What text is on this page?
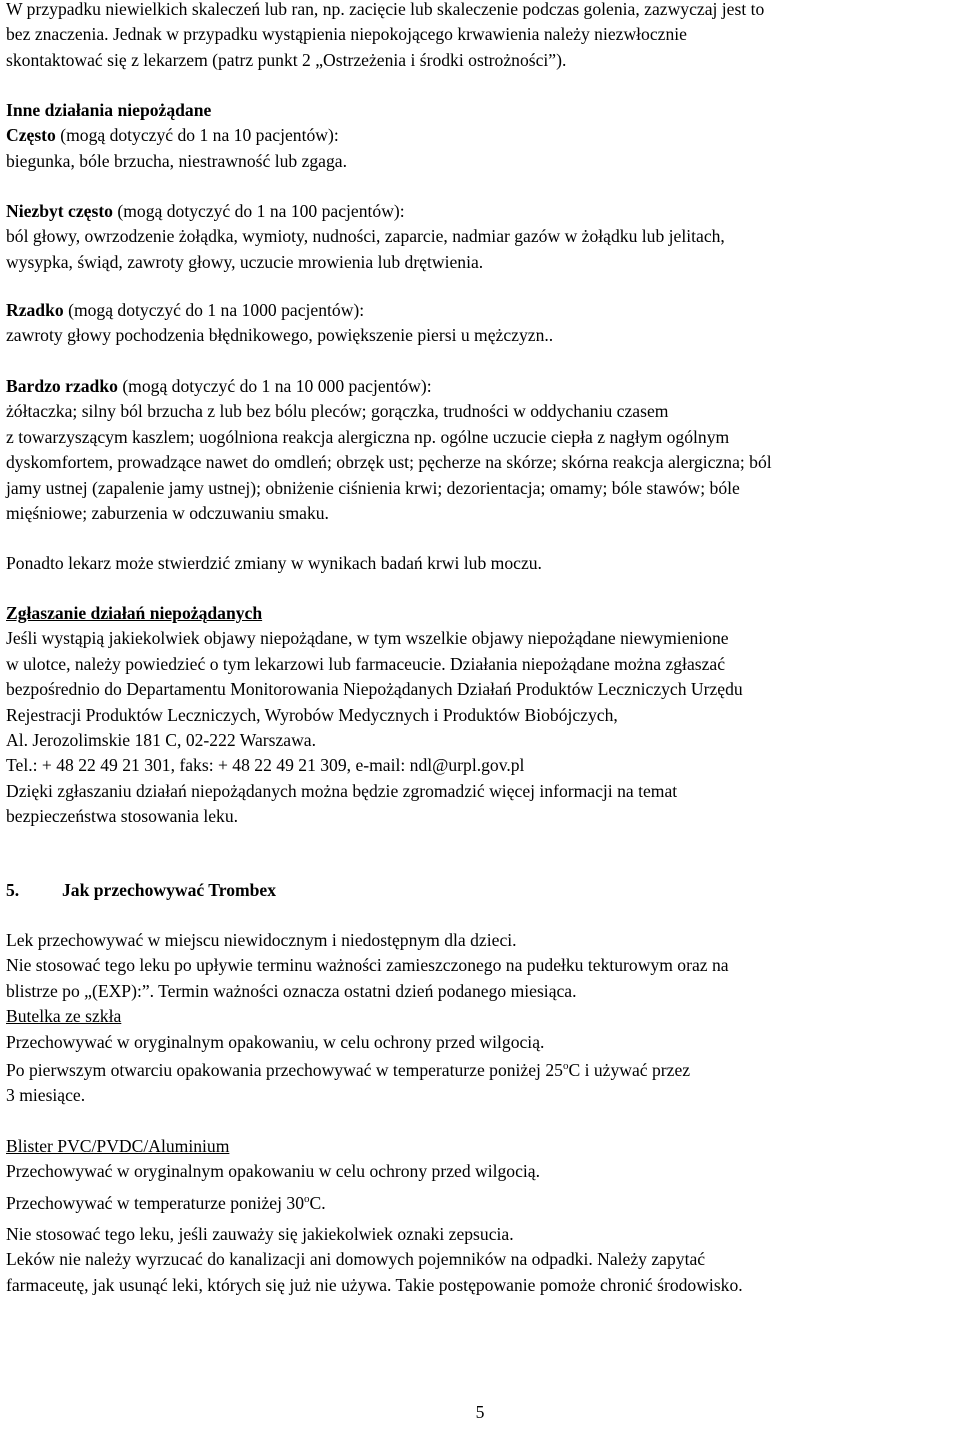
W przypadku niewielkich skaleczeń lub ran, np. zacięcie lub skaleczenie podczas golenia, zazwyczaj jest to

bez znaczenia. Jednak w przypadku wystąpienia niepokojącego krwawienia należy niezwłocznie

skontaktować się z lekarzem (patrz punkt 2 „Ostrzeżenia i środki ostrożności”).

Inne działania niepożądane

Często (mogą dotyczyć do 1 na 10 pacjentów):

biegunka, bóle brzucha, niestrawność lub zgaga.

Niezbyt często (mogą dotyczyć do 1 na 100 pacjentów):

ból głowy, owrzodzenie żołądka, wymioty, nudności, zaparcie, nadmiar gazów w żołądku lub jelitach,

wysypka, świąd, zawroty głowy, uczucie mrowienia lub drętwienia.

Rzadko (mogą dotyczyć do 1 na 1000 pacjentów):

zawroty głowy pochodzenia błędnikowego, powiększenie piersi u mężczyzn..

Bardzo rzadko (mogą dotyczyć do 1 na 10 000 pacjentów):

żółtaczka; silny ból brzucha z lub bez bólu pleców; gorączka, trudności w oddychaniu czasem

z towarzyszącym kaszlem; uogólniona reakcja alergiczna np. ogólne uczucie ciepła z nagłym ogólnym

dyskomfortem, prowadzące nawet do omdleń; obrzęk ust; pęcherze na skórze; skórna reakcja alergiczna; ból

jamy ustnej (zapalenie jamy ustnej); obniżenie ciśnienia krwi; dezorientacja; omamy; bóle stawów; bóle

mięśniowe; zaburzenia w odczuwaniu smaku.

Ponadto lekarz może stwierdzić zmiany w wynikach badań krwi lub moczu.

Zgłaszanie działań niepożądanych

Jeśli wystąpią jakiekolwiek objawy niepożądane, w tym wszelkie objawy niepożądane niewymienione

w ulotce, należy powiedzieć o tym lekarzowi lub farmaceucie. Działania niepożądane można zgłaszać

bezpośrednio do Departamentu Monitorowania Niepożądanych Działań Produktów Leczniczych Urzędu

Rejestracji Produktów Leczniczych, Wyrobów Medycznych i Produktów Biobójczych,

Al. Jerozolimskie 181 C, 02-222 Warszawa.

Tel.: + 48 22 49 21 301, faks: + 48 22 49 21 309, e-mail: ndl@urpl.gov.pl

Dzięki zgłaszaniu działań niepożądanych można będzie zgromadzić więcej informacji na temat

bezpieczeństwa stosowania leku.

5.	Jak przechowywać Trombex

Lek przechowywać w miejscu niewidocznym i niedostępnym dla dzieci.

Nie stosować tego leku po upływie terminu ważności zamieszczonego na pudełku tekturowym oraz na

blistrze po „(EXP):”. Termin ważności oznacza ostatni dzień podanego miesiąca.

Butelka ze szkła

Przechowywać w oryginalnym opakowaniu, w celu ochrony przed wilgocią.

Po pierwszym otwarciu opakowania przechowywać w temperaturze poniżej 25$^o$C i używać przez

3 miesiące.

Blister PVC/PVDC/Aluminium

Przechowywać w oryginalnym opakowaniu w celu ochrony przed wilgocią.

Przechowywać w temperaturze poniżej 30$^o$C.

Nie stosować tego leku, jeśli zauważy się jakiekolwiek oznaki zepsucia.

Leków nie należy wyrzucać do kanalizacji ani domowych pojemników na odpadki. Należy zapytać

farmaceutę, jak usunąć leki, których się już nie używa. Takie postępowanie pomoże chronić środowisko.

5
